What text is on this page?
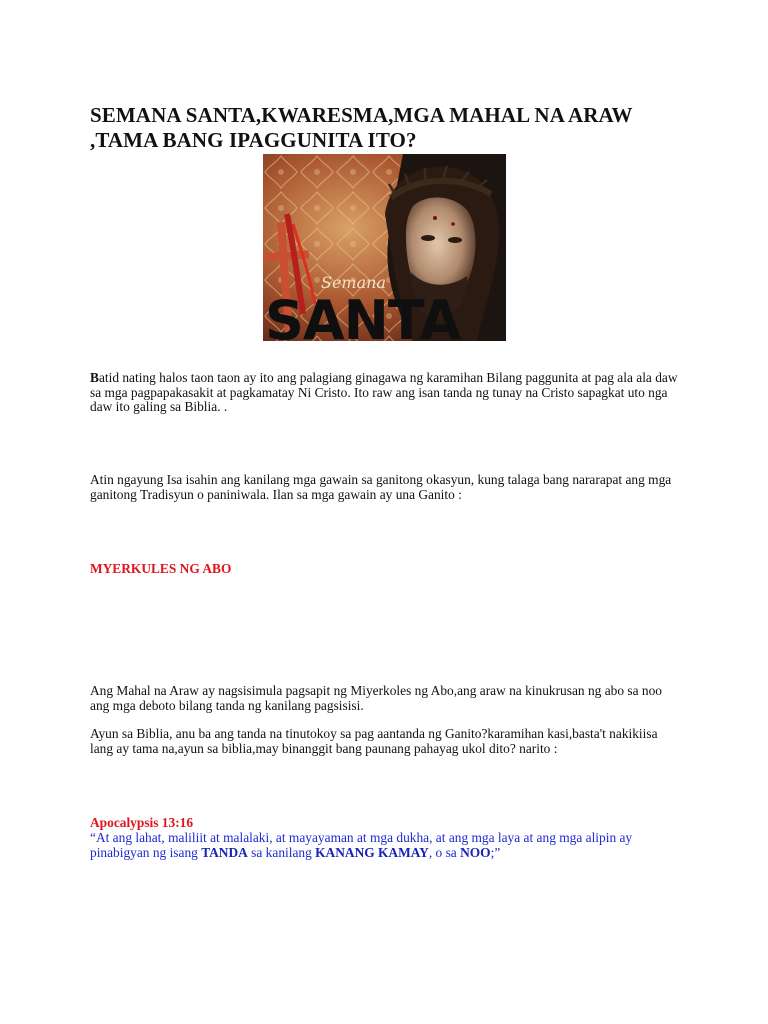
SEMANA SANTA,KWARESMA,MGA MAHAL NA ARAW ,TAMA BANG IPAGGUNITA ITO?
Semana
SANTA

Batid nating halos taon taon ay ito ang palagiang ginagawa ng karamihan Bilang paggunita at pag ala ala daw sa mga pagpapakasakit at pagkamatay Ni Cristo. Ito raw ang isan tanda ng tunay na Cristo sapagkat uto nga daw ito galing sa Biblia. .

Atin ngayung Isa isahin ang kanilang mga gawain sa ganitong okasyun, kung talaga bang nararapat ang mga ganitong Tradisyun o paniniwala. Ilan sa mga gawain ay una Ganito :

MYERKULES NG ABO

Ang Mahal na Araw ay nagsisimula pagsapit ng Miyerkoles ng Abo,ang araw na kinukrusan ng abo sa noo ang mga deboto bilang tanda ng kanilang pagsisisi.

Ayun sa Biblia, anu ba ang tanda na tinutokoy sa pag aantanda ng Ganito?karamihan kasi,basta't nakikiisa lang ay tama na,ayun sa biblia,may binanggit bang paunang pahayag ukol dito? narito :

Apocalypsis 13:16

“At ang lahat, maliliit at malalaki, at mayayaman at mga dukha, at ang mga laya at ang mga alipin ay pinabigyan ng isang TANDA sa kanilang KANANG KAMAY, o sa NOO;”
